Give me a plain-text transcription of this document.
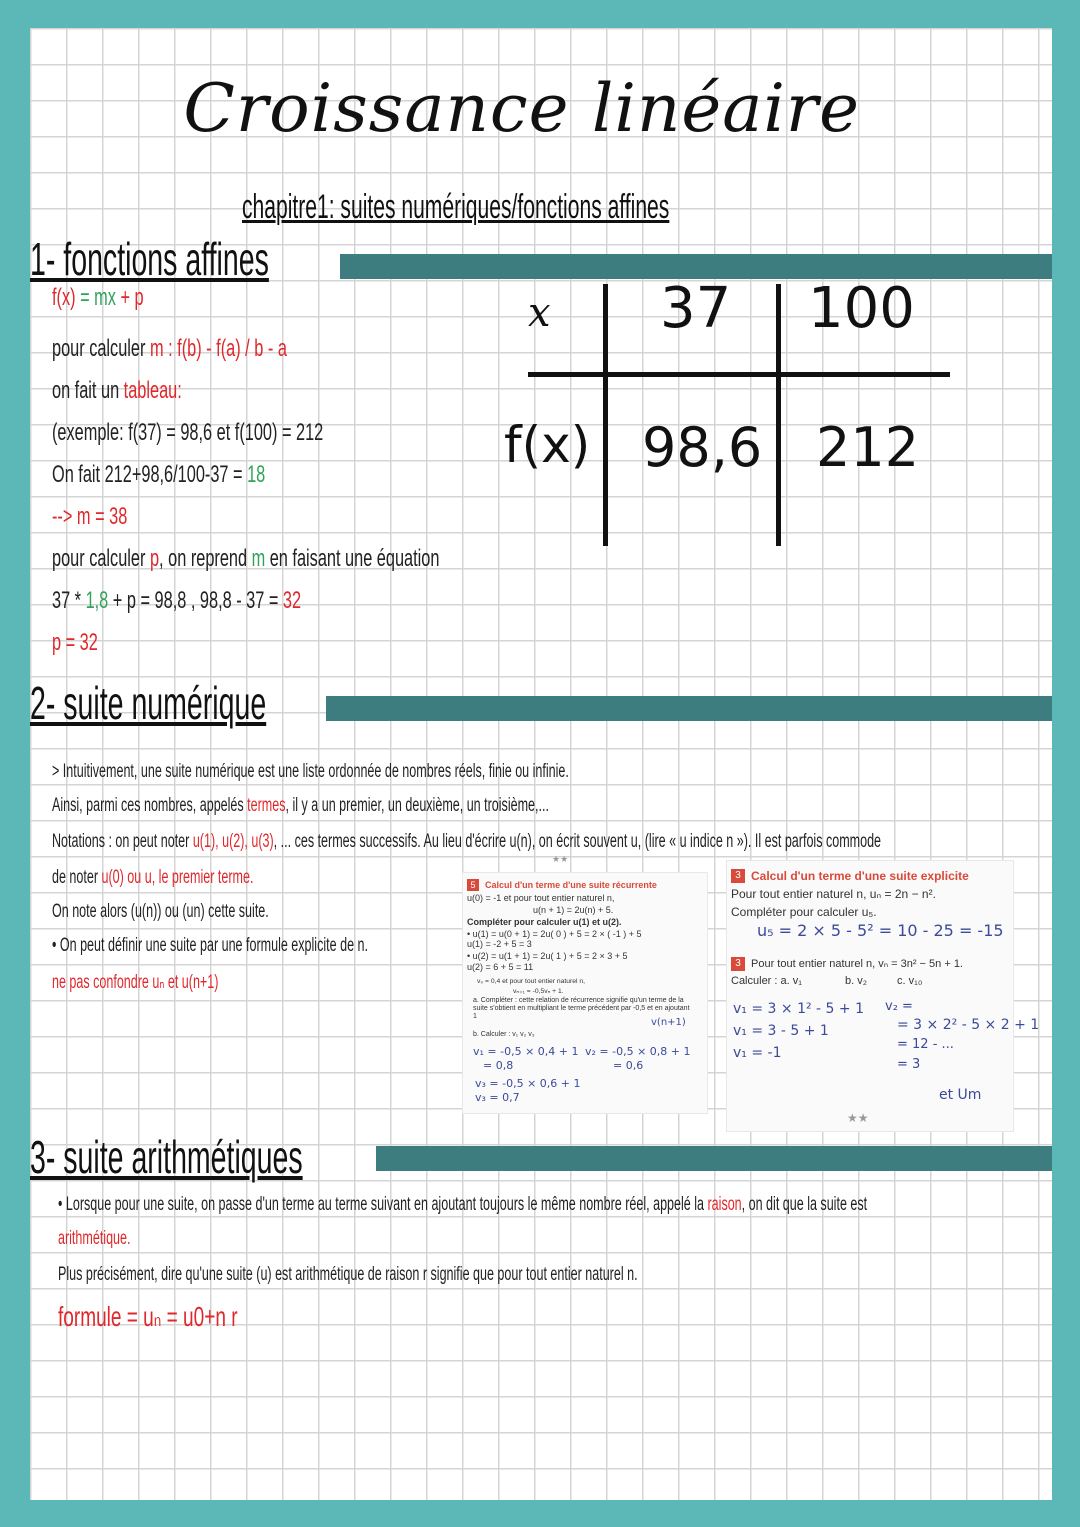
Croissance linéaire
chapitre1: suites numériques/fonctions affines
1- fonctions affines
f(x) = mx + p
pour calculer m : f(b) - f(a) / b - a
on fait un tableau:
(exemple: f(37) = 98,6 et f(100) = 212
On fait 212+98,6/100-37 = 18
--> m = 38
pour calculer p, on reprend m en faisant une équation
37 * 1,8 + p = 98,8 , 98,8 - 37 = 32
p = 32
x 37 100
f(x) 98,6 212
2- suite numérique
> Intuitivement, une suite numérique est une liste ordonnée de nombres réels, finie ou infinie.
Ainsi, parmi ces nombres, appelés termes, il y a un premier, un deuxième, un troisième,...
Notations : on peut noter u(1), u(2), u(3), ... ces termes successifs. Au lieu d'écrire u(n), on écrit souvent u, (lire « u indice n »). Il est parfois commode
de noter u(0) ou u, le premier terme.
On note alors (u(n)) ou (un) cette suite.
• On peut définir une suite par une formule explicite de n.
ne pas confondre uₙ et u(n+1)
5	Calcul d'un terme d'une suite récurrente
u(0) = -1 et pour tout entier naturel n,
u(n + 1) = 2u(n) + 5.
Compléter pour calculer u(1) et u(2).
• u(1) = u(0 + 1) = 2u( 0 ) + 5 = 2 × ( -1 ) + 5
u(1) = -2 + 5 = 3
• u(2) = u(1 + 1) = 2u( 1 ) + 5 = 2 × 3 + 5
u(2) = 6 + 5 = 11
v₀ = 0,4 et pour tout entier naturel n,
vₙ₊₁ = -0,5vₙ + 1.
a. Compléter : cette relation de récurrence signifie qu'un terme de la suite s'obtient en multipliant le terme précédent par -0,5 et en ajoutant 1
b. Calculer : v₁ v₂ v₃
v(n+1)
v₁ = -0,5 × 0,4 + 1 v₂ = -0,5 × 0,8 + 1
= 0,8	= 0,6
v₃ = -0,5 × 0,6 + 1
v₃ = 0,7
★★
3 Calcul d'un terme d'une suite explicite
Pour tout entier naturel n, uₙ = 2n − n².
Compléter pour calculer u₅.
u₅ = 2 × 5 - 5² = 10 - 25 = -15
3 Pour tout entier naturel n, vₙ = 3n² − 5n + 1.
Calculer : a. v₁	b. v₂	c. v₁₀
v₁ = 3 × 1² - 5 + 1
v₁ = 3 - 5 + 1
v₁ = -1
v₂ =
= 3 × 2² - 5 × 2 + 1
= 12 - ...
= 3
et Um
★★
3- suite arithmétiques
• Lorsque pour une suite, on passe d'un terme au terme suivant en ajoutant toujours le même nombre réel, appelé la raison, on dit que la suite est
arithmétique.
Plus précisément, dire qu'une suite (u) est arithmétique de raison r signifie que pour tout entier naturel n.
formule = uₙ = u0+n r
